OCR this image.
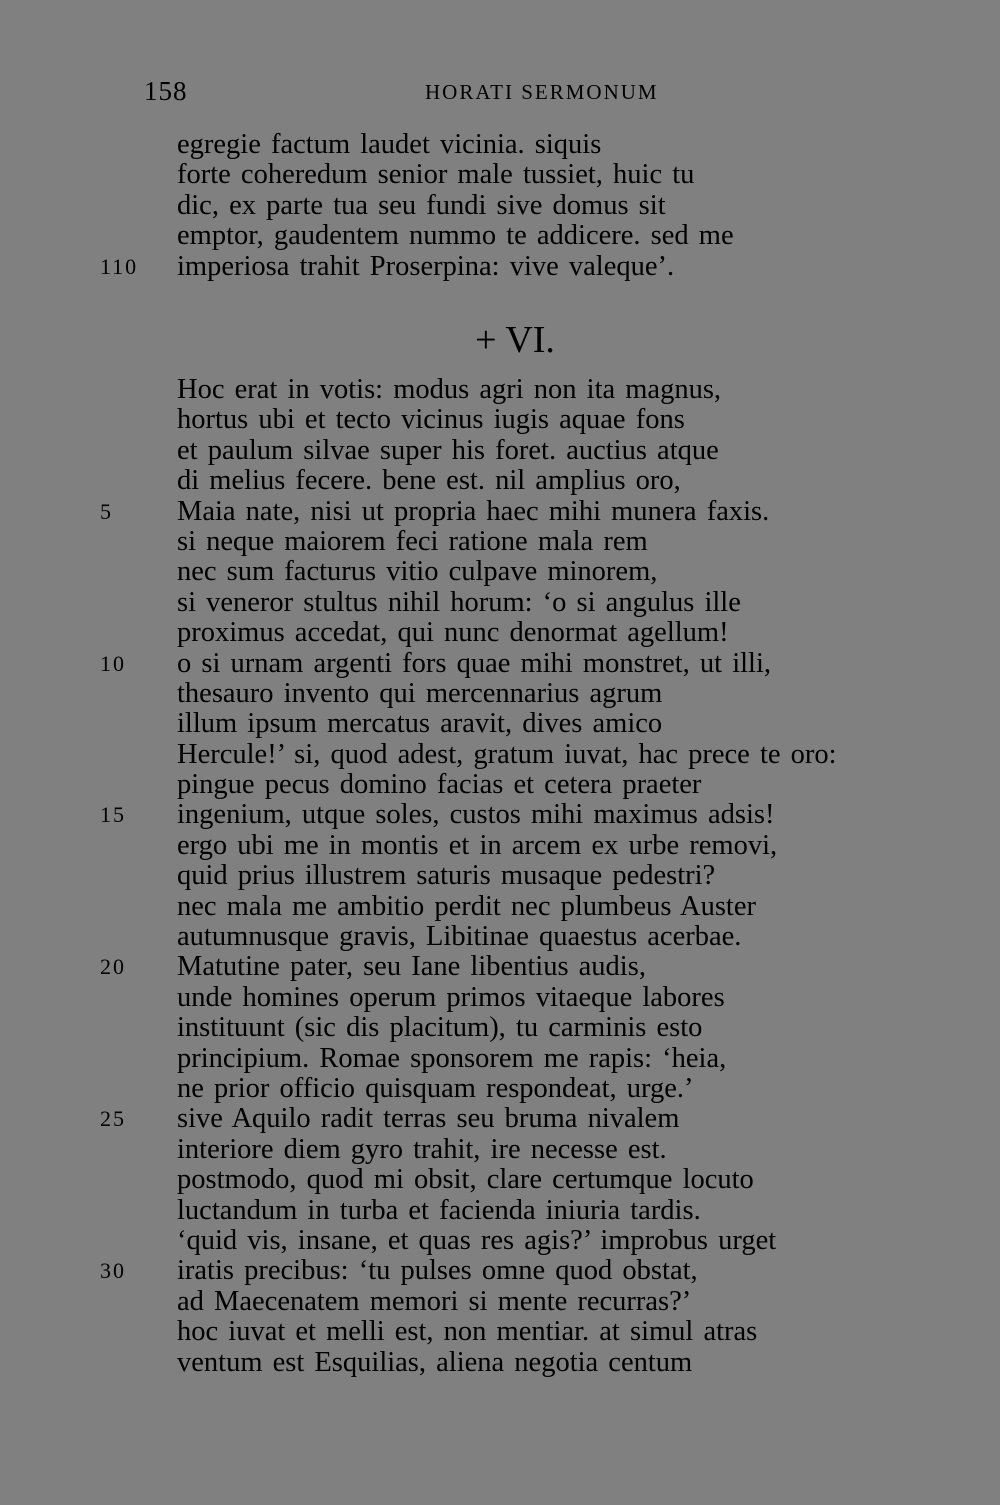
158	HORATI SERMONUM
egregie factum laudet vicinia. siquis
forte coheredum senior male tussiet, huic tu
dic, ex parte tua seu fundi sive domus sit
emptor, gaudentem nummo te addicere. sed me
110	imperiosa trahit Proserpina: vive valeque’.
+ VI.
Hoc erat in votis: modus agri non ita magnus,
hortus ubi et tecto vicinus iugis aquae fons
et paulum silvae super his foret. auctius atque
di melius fecere. bene est. nil amplius oro,
5	Maia nate, nisi ut propria haec mihi munera faxis.
si neque maiorem feci ratione mala rem
nec sum facturus vitio culpave minorem,
si veneror stultus nihil horum: ‘o si angulus ille
proximus accedat, qui nunc denormat agellum!
10	o si urnam argenti fors quae mihi monstret, ut illi,
thesauro invento qui mercennarius agrum
illum ipsum mercatus aravit, dives amico
Hercule!’ si, quod adest, gratum iuvat, hac prece te oro:
pingue pecus domino facias et cetera praeter
15	ingenium, utque soles, custos mihi maximus adsis!
ergo ubi me in montis et in arcem ex urbe removi,
quid prius illustrem saturis musaque pedestri?
nec mala me ambitio perdit nec plumbeus Auster
autumnusque gravis, Libitinae quaestus acerbae.
20	Matutine pater, seu Iane libentius audis,
unde homines operum primos vitaeque labores
instituunt (sic dis placitum), tu carminis esto
principium. Romae sponsorem me rapis: ‘heia,
ne prior officio quisquam respondeat, urge.’
25	sive Aquilo radit terras seu bruma nivalem
interiore diem gyro trahit, ire necesse est.
postmodo, quod mi obsit, clare certumque locuto
luctandum in turba et facienda iniuria tardis.
‘quid vis, insane, et quas res agis?’ improbus urget
30	iratis precibus: ‘tu pulses omne quod obstat,
ad Maecenatem memori si mente recurras?’
hoc iuvat et melli est, non mentiar. at simul atras
ventum est Esquilias, aliena negotia centum
